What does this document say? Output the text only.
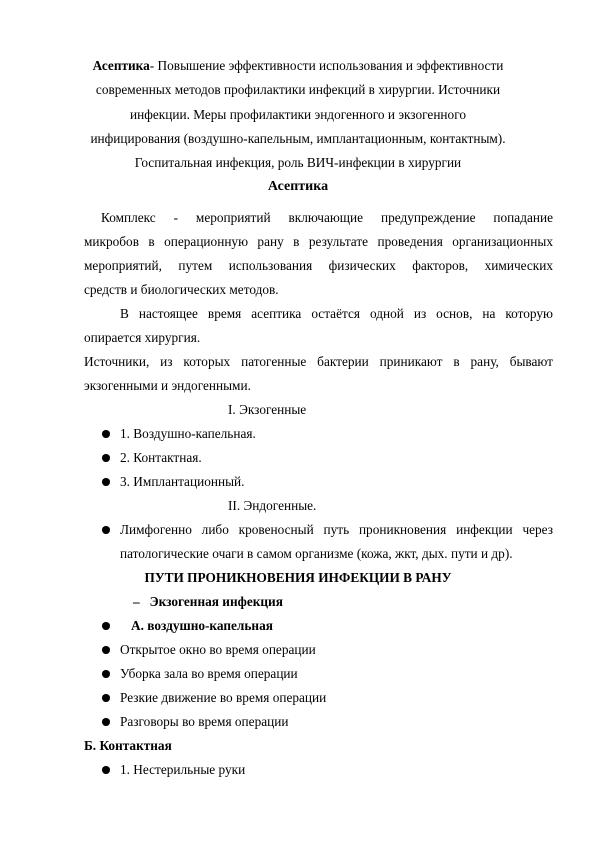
Асептика- Повышение эффективности использования и эффективности
современных методов профилактики инфекций в хирургии. Источники
инфекции. Меры профилактики эндогенного и экзогенного
инфицирования (воздушно-капельным, имплантационным, контактным).
Госпитальная инфекция, роль ВИЧ-инфекции в хирургии
Асептика
Комплекс - мероприятий включающие предупреждение попадание
микробов в операционную рану в результате проведения организационных
мероприятий, путем использования физических факторов, химических
средств и биологических методов.
В настоящее время асептика остаётся одной из основ, на которую
опирается хирургия.
Источники, из которых патогенные бактерии приникают в рану, бывают
экзогенными и эндогенными.
I. Экзогенные
1. Воздушно-капельная.
2. Контактная.
3. Имплантационный.
II. Эндогенные.
Лимфогенно либо кровеносный путь проникновения инфекции через
патологические очаги в самом организме (кожа, жкт, дых. пути и др).
ПУТИ ПРОНИКНОВЕНИЯ ИНФЕКЦИИ В РАНУ
–   Экзогенная инфекция
А. воздушно-капельная
Открытое окно во время операции
Уборка зала во время операции
Резкие движение во время операции
Разговоры во время операции
Б. Контактная
1. Нестерильные руки
